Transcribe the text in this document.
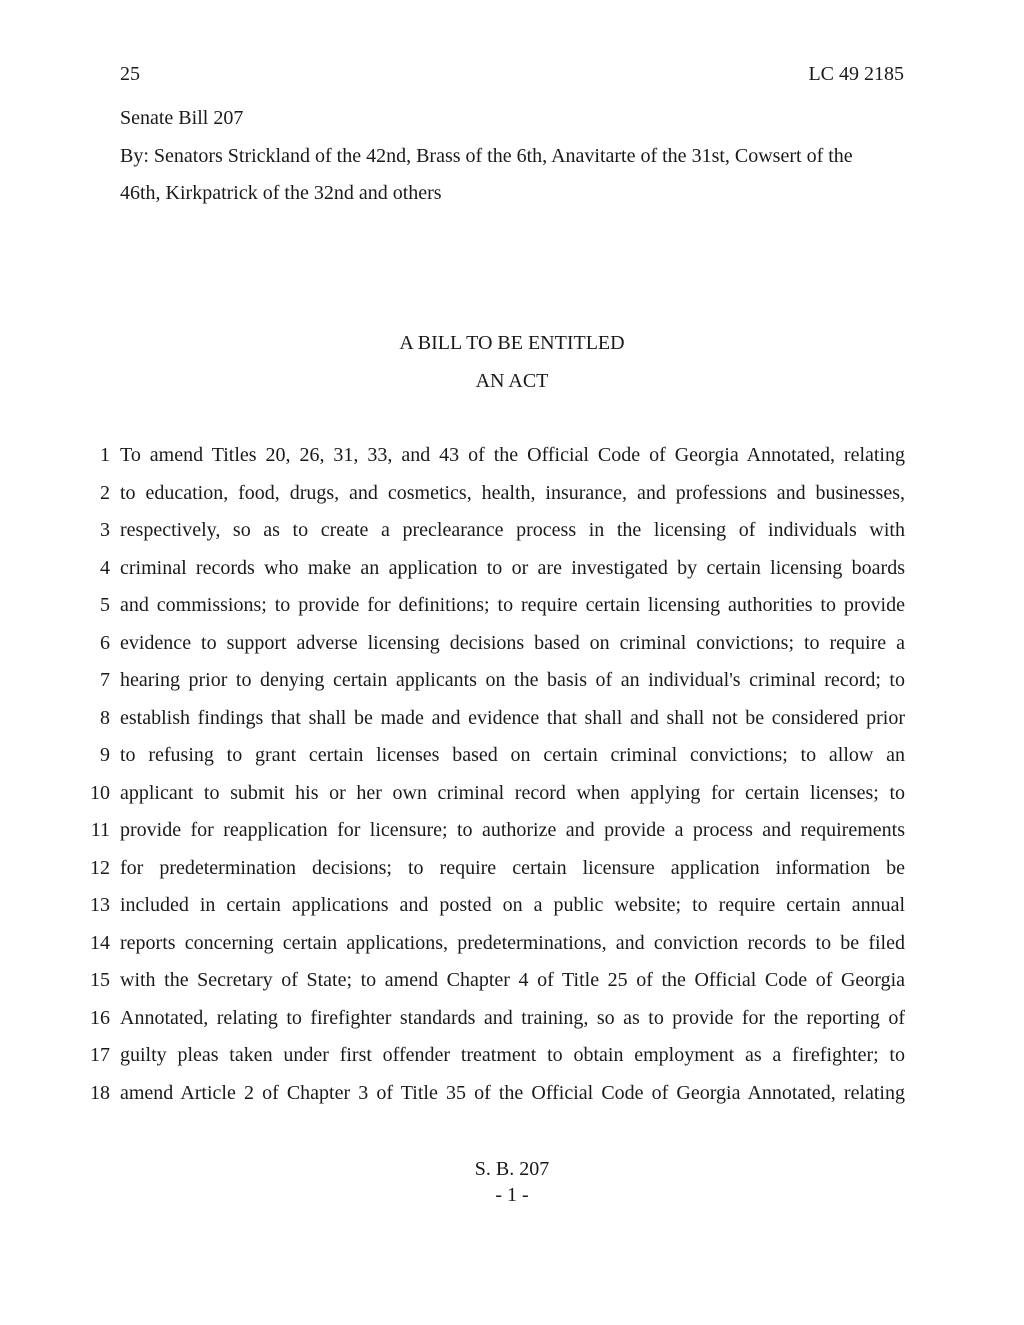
25	LC 49 2185
Senate Bill 207
By: Senators Strickland of the 42nd, Brass of the 6th, Anavitarte of the 31st, Cowsert of the
46th, Kirkpatrick of the 32nd and others
A BILL TO BE ENTITLED
AN ACT
1 To amend Titles 20, 26, 31, 33, and 43 of the Official Code of Georgia Annotated, relating
2 to education, food, drugs, and cosmetics, health, insurance, and professions and businesses,
3 respectively, so as to create a preclearance process in the licensing of individuals with
4 criminal records who make an application to or are investigated by certain licensing boards
5 and commissions; to provide for definitions; to require certain licensing authorities to provide
6 evidence to support adverse licensing decisions based on criminal convictions; to require a
7 hearing prior to denying certain applicants on the basis of an individual's criminal record; to
8 establish findings that shall be made and evidence that shall and shall not be considered prior
9 to refusing to grant certain licenses based on certain criminal convictions; to allow an
10 applicant to submit his or her own criminal record when applying for certain licenses; to
11 provide for reapplication for licensure; to authorize and provide a process and requirements
12 for predetermination decisions; to require certain licensure application information be
13 included in certain applications and posted on a public website; to require certain annual
14 reports concerning certain applications, predeterminations, and conviction records to be filed
15 with the Secretary of State; to amend Chapter 4 of Title 25 of the Official Code of Georgia
16 Annotated, relating to firefighter standards and training, so as to provide for the reporting of
17 guilty pleas taken under first offender treatment to obtain employment as a firefighter; to
18 amend Article 2 of Chapter 3 of Title 35 of the Official Code of Georgia Annotated, relating
S. B. 207
- 1 -
